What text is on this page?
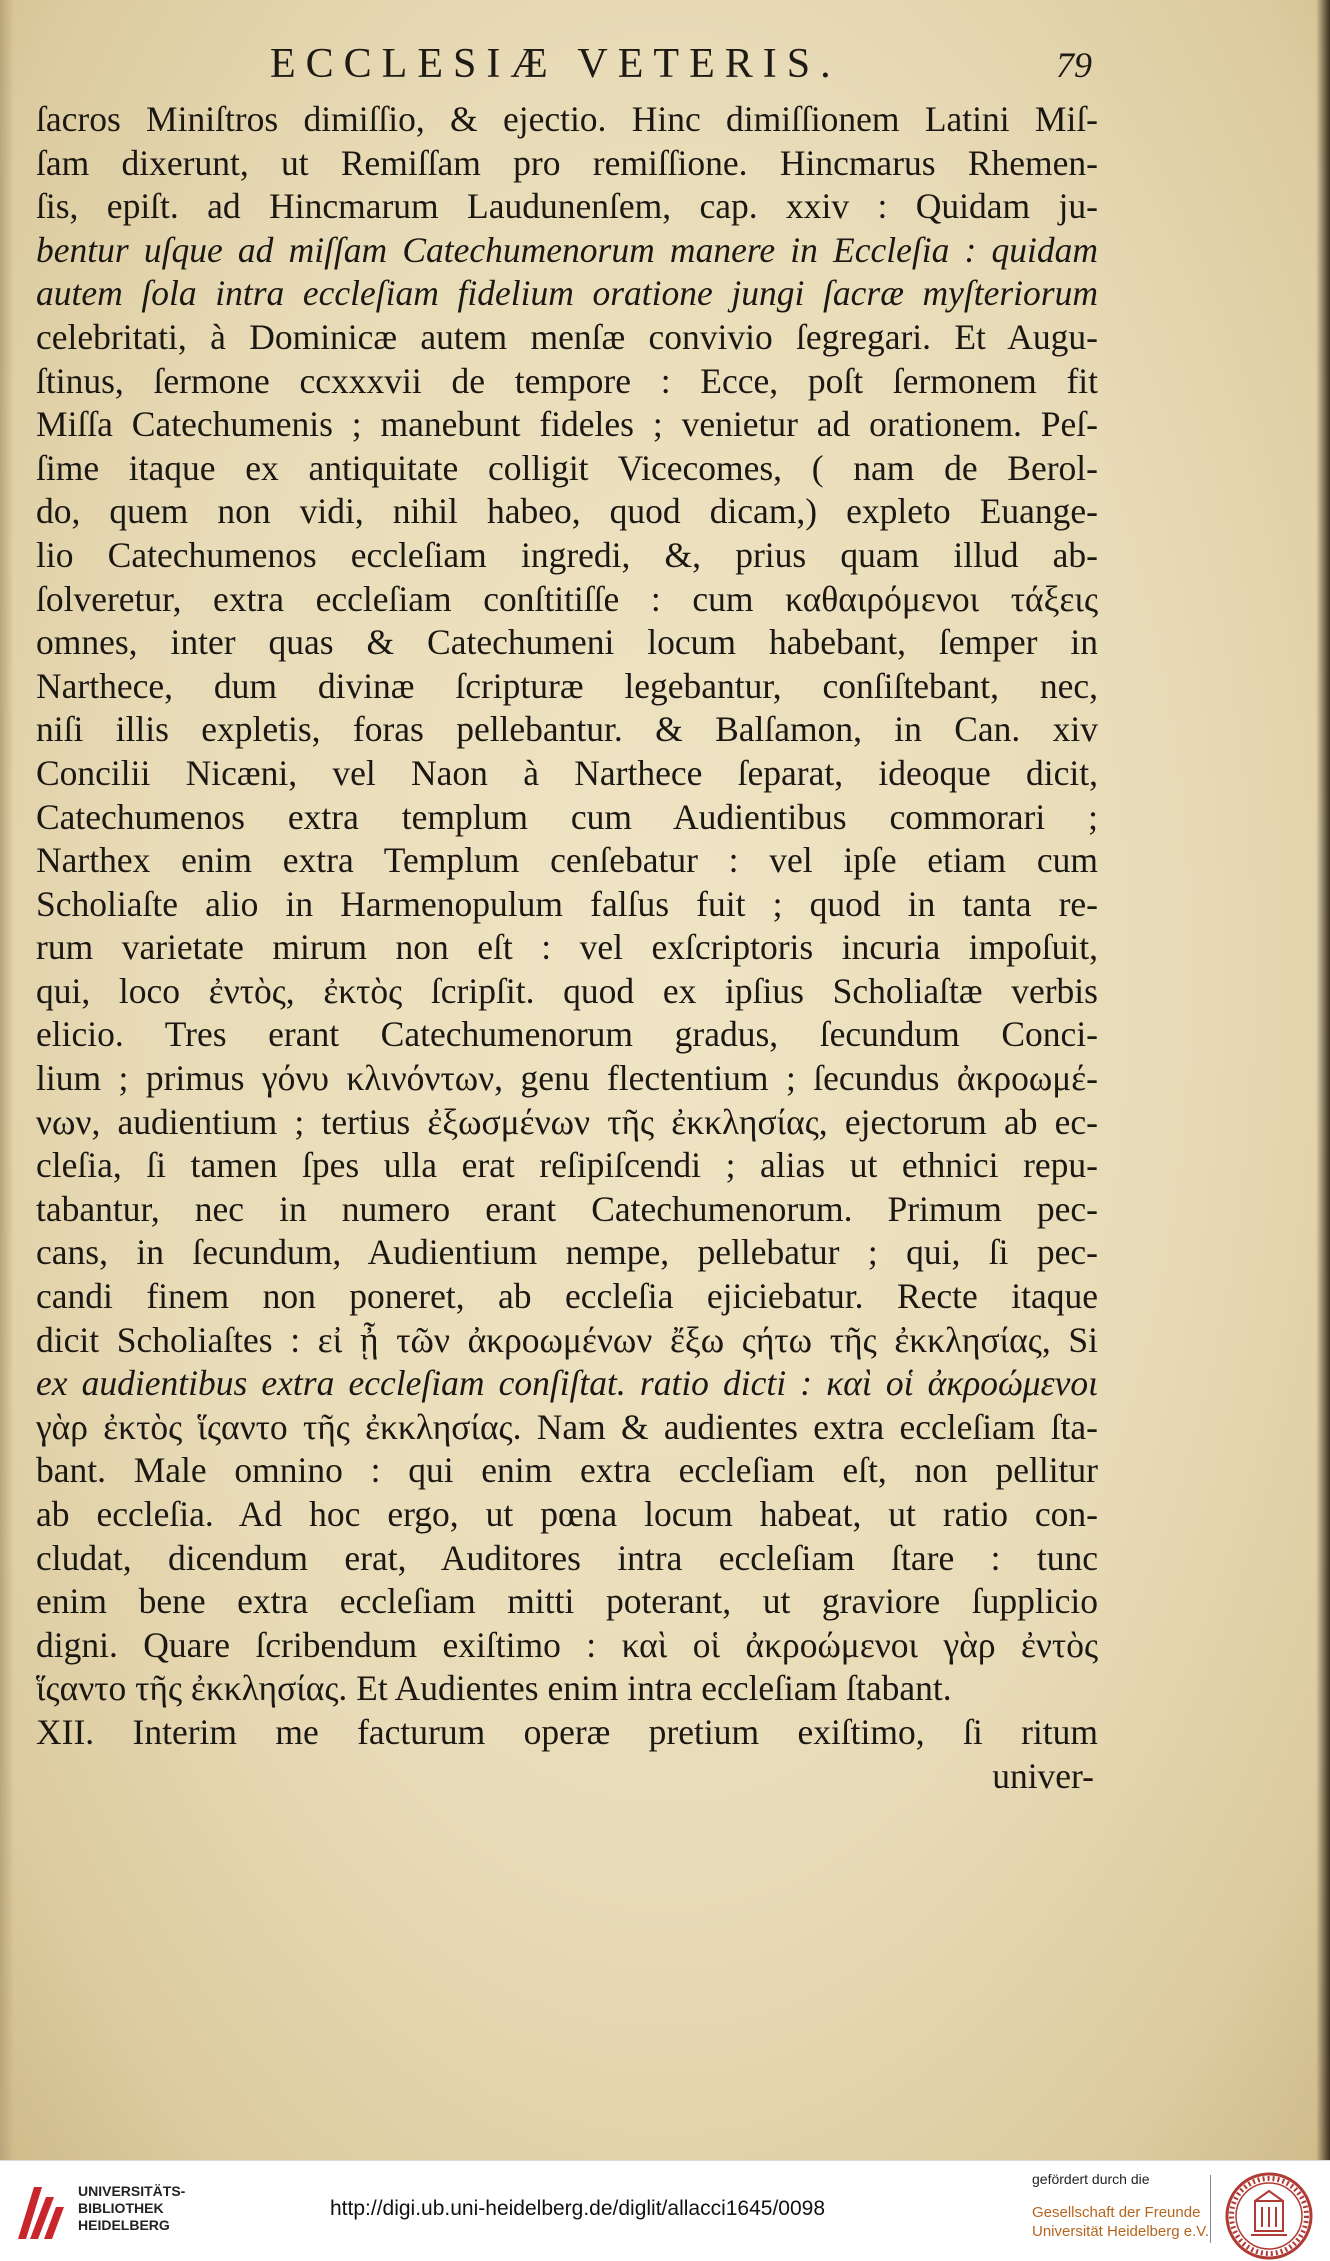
ECCLESIÆ VETERIS.	79
ſacros Miniſtros dimiſſio, & ejectio. Hinc dimiſſionem Latini Miſ-
ſam dixerunt, ut Remiſſam pro remiſſione. Hincmarus Rhemen-
ſis, epiſt. ad Hincmarum Laudunenſem, cap. xxiv : Quidam ju-
bentur uſque ad miſſam Catechumenorum manere in Eccleſia : quidam
autem ſola intra eccleſiam fidelium oratione jungi ſacræ myſteriorum
celebritati, à Dominicæ autem menſæ convivio ſegregari. Et Augu-
ſtinus, ſermone ccxxxvii de tempore : Ecce, poſt ſermonem fit
Miſſa Catechumenis ; manebunt fideles ; venietur ad orationem. Peſ-
ſime itaque ex antiquitate colligit Vicecomes, ( nam de Berol-
do, quem non vidi, nihil habeo, quod dicam,) expleto Euange-
lio Catechumenos eccleſiam ingredi, &, prius quam illud ab-
ſolveretur, extra eccleſiam conſtitiſſe : cum καθαιρόμενοι τάξεις
omnes, inter quas & Catechumeni locum habebant, ſemper in
Narthece, dum divinæ ſcripturæ legebantur, conſiſtebant, nec,
niſi illis expletis, foras pellebantur. & Balſamon, in Can. xiv
Concilii Nicæni, vel Naon à Narthece ſeparat, ideoque dicit,
Catechumenos extra templum cum Audientibus commorari ;
Narthex enim extra Templum cenſebatur : vel ipſe etiam cum
Scholiaſte alio in Harmenopulum falſus fuit ; quod in tanta re-
rum varietate mirum non eſt : vel exſcriptoris incuria impoſuit,
qui, loco ἐντὸς, ἐκτὸς ſcripſit. quod ex ipſius Scholiaſtæ verbis
elicio. Tres erant Catechumenorum gradus, ſecundum Conci-
lium ; primus γόνυ κλινόντων, genu flectentium ; ſecundus ἀκροωμέ-
νων, audientium ; tertius ἐξωσμένων τῆς ἐκκλησίας, ejectorum ab ec-
cleſia, ſi tamen ſpes ulla erat reſipiſcendi ; alias ut ethnici repu-
tabantur, nec in numero erant Catechumenorum. Primum pec-
cans, in ſecundum, Audientium nempe, pellebatur ; qui, ſi pec-
candi finem non poneret, ab eccleſia ejiciebatur. Recte itaque
dicit Scholiaſtes : εἰ ᾖ τῶν ἀκροωμένων ἔξω ςήτω τῆς ἐκκλησίας, Si
ex audientibus extra eccleſiam conſiſtat. ratio dicti : καὶ οἱ ἀκροώμενοι
γὰρ ἐκτὸς ἵςαντο τῆς ἐκκλησίας. Nam & audientes extra eccleſiam ſta-
bant. Male omnino : qui enim extra eccleſiam eſt, non pellitur
ab eccleſia. Ad hoc ergo, ut pœna locum habeat, ut ratio con-
cludat, dicendum erat, Auditores intra eccleſiam ſtare : tunc
enim bene extra eccleſiam mitti poterant, ut graviore ſupplicio
digni. Quare ſcribendum exiſtimo : καὶ οἱ ἀκροώμενοι γὰρ ἐντὸς
ἵςαντο τῆς ἐκκλησίας. Et Audientes enim intra eccleſiam ſtabant.
XII. Interim me facturum operæ pretium exiſtimo, ſi ritum
univer-
UNIVERSITÄTS-
BIBLIOTHEK
HEIDELBERG
http://digi.ub.uni-heidelberg.de/diglit/allacci1645/0098
gefördert durch die
Gesellschaft der Freunde
Universität Heidelberg e.V.
